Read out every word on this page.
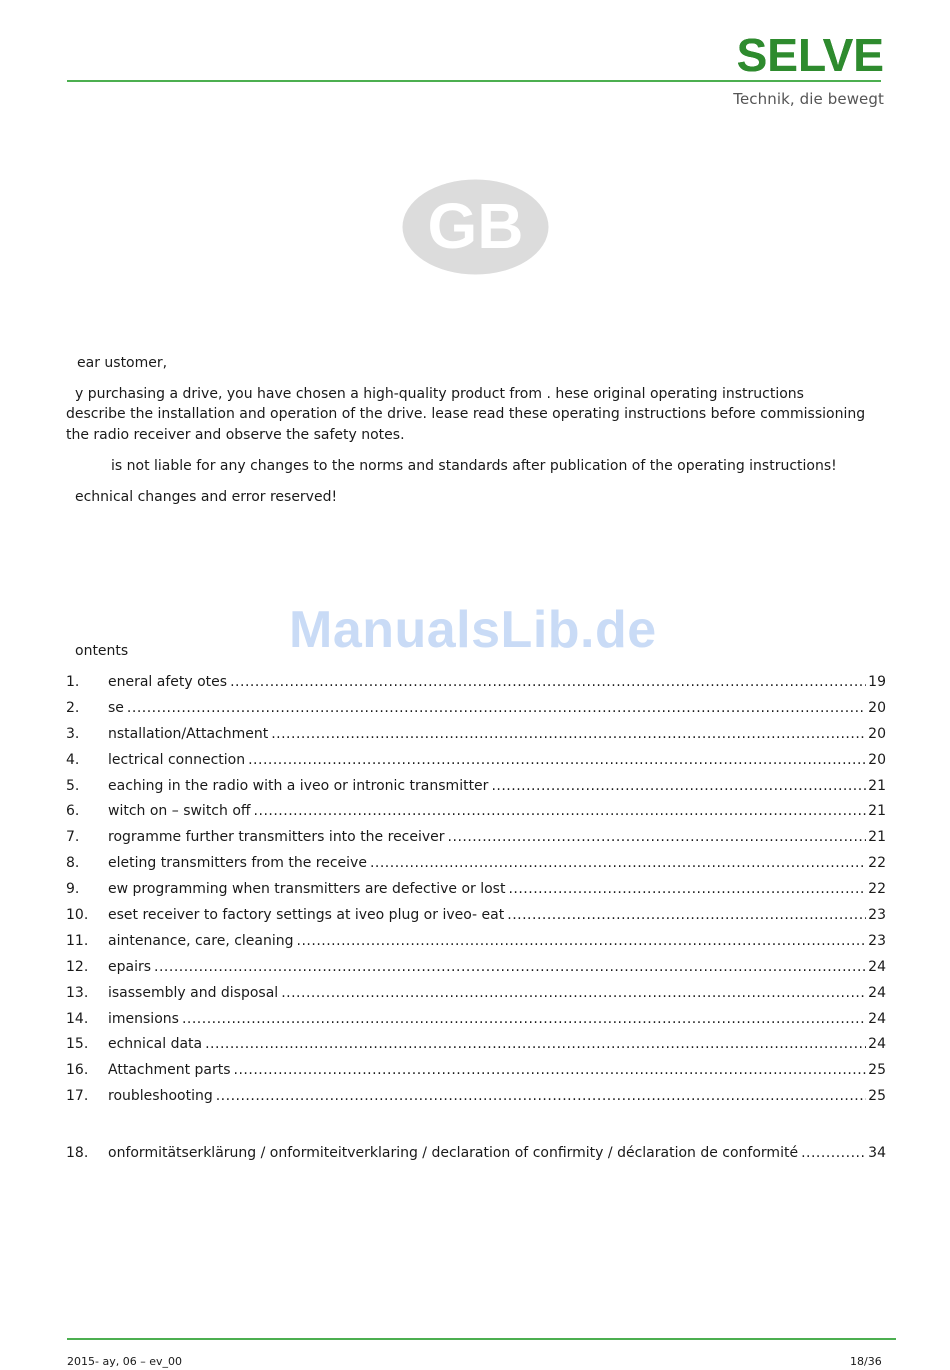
SELVE
Technik, die bewegt
GB
ear ustomer,
y purchasing a drive, you have chosen a high-quality product from . hese original operating instructions
describe the installation and operation of the drive. lease read these operating instructions before commissioning
the radio receiver and observe the safety notes.
is not liable for any changes to the norms and standards after publication of the operating instructions!
echnical changes and error reserved!
ManualsLib.de
ontents
1.	eneral afety otes .....	19
2.	se .....	20
3.	nstallation/Attachment .....	20
4.	lectrical connection .....	20
5.	eaching in the radio with a iveo or intronic transmitter .....	21
6.	witch on – switch off .....	21
7.	rogramme further transmitters into the receiver .....	21
8.	eleting transmitters from the receive .....	22
9.	ew programming when transmitters are defective or lost .....	22
10.	eset receiver to factory settings at iveo plug or iveo- eat .....	23
11.	aintenance, care, cleaning .....	23
12.	epairs .....	24
13.	isassembly and disposal .....	24
14.	imensions .....	24
15.	echnical data .....	24
16.	Attachment parts .....	25
17.	roubleshooting .....	25
18.	onformitätserklärung / onformiteitverklaring / declaration of confirmity / déclaration de conformité .....	34
2015- ay, 06 – ev_00	18/36
